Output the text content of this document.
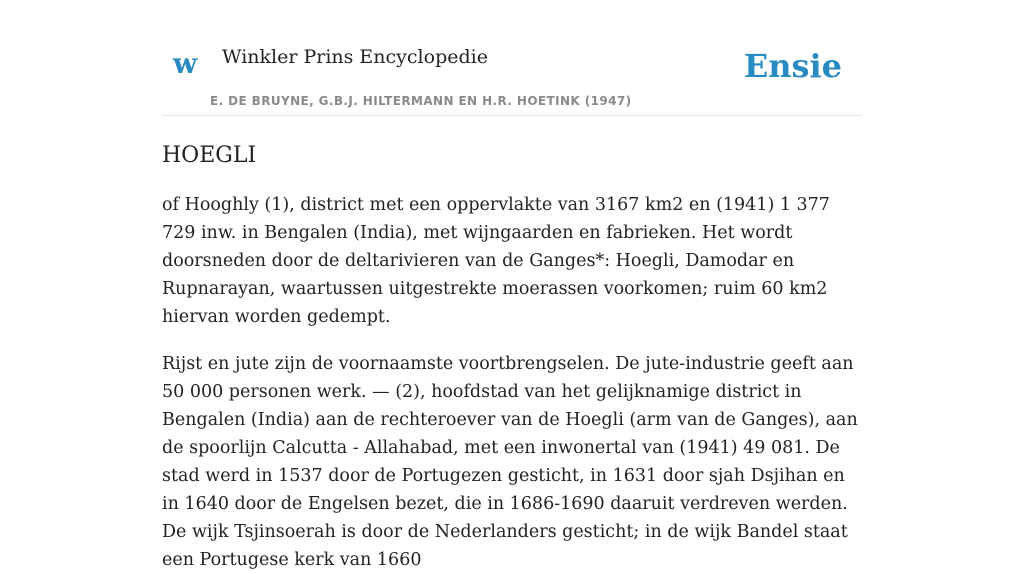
w Winkler Prins Encyclopedie
E. DE BRUYNE, G.B.J. HILTERMANN EN H.R. HOETINK (1947)
Ensie
HOEGLI

of Hooghly (1), district met een oppervlakte van 3167 km2 en (1941) 1 377 729 inw. in Bengalen (India), met wijngaarden en fabrieken. Het wordt doorsneden door de deltarivieren van de Ganges*: Hoegli, Damodar en Rupnarayan, waartussen uitgestrekte moerassen voorkomen; ruim 60 km2 hiervan worden gedempt.

Rijst en jute zijn de voornaamste voortbrengselen. De jute-industrie geeft aan 50 000 personen werk. — (2), hoofdstad van het gelijknamige district in Bengalen (India) aan de rechteroever van de Hoegli (arm van de Ganges), aan de spoorlijn Calcutta - Allahabad, met een inwonertal van (1941) 49 081. De stad werd in 1537 door de Portugezen gesticht, in 1631 door sjah Dsjihan en in 1640 door de Engelsen bezet, die in 1686-1690 daaruit verdreven werden. De wijk Tsjinsoerah is door de Nederlanders gesticht; in de wijk Bandel staat een Portugese kerk van 1660
